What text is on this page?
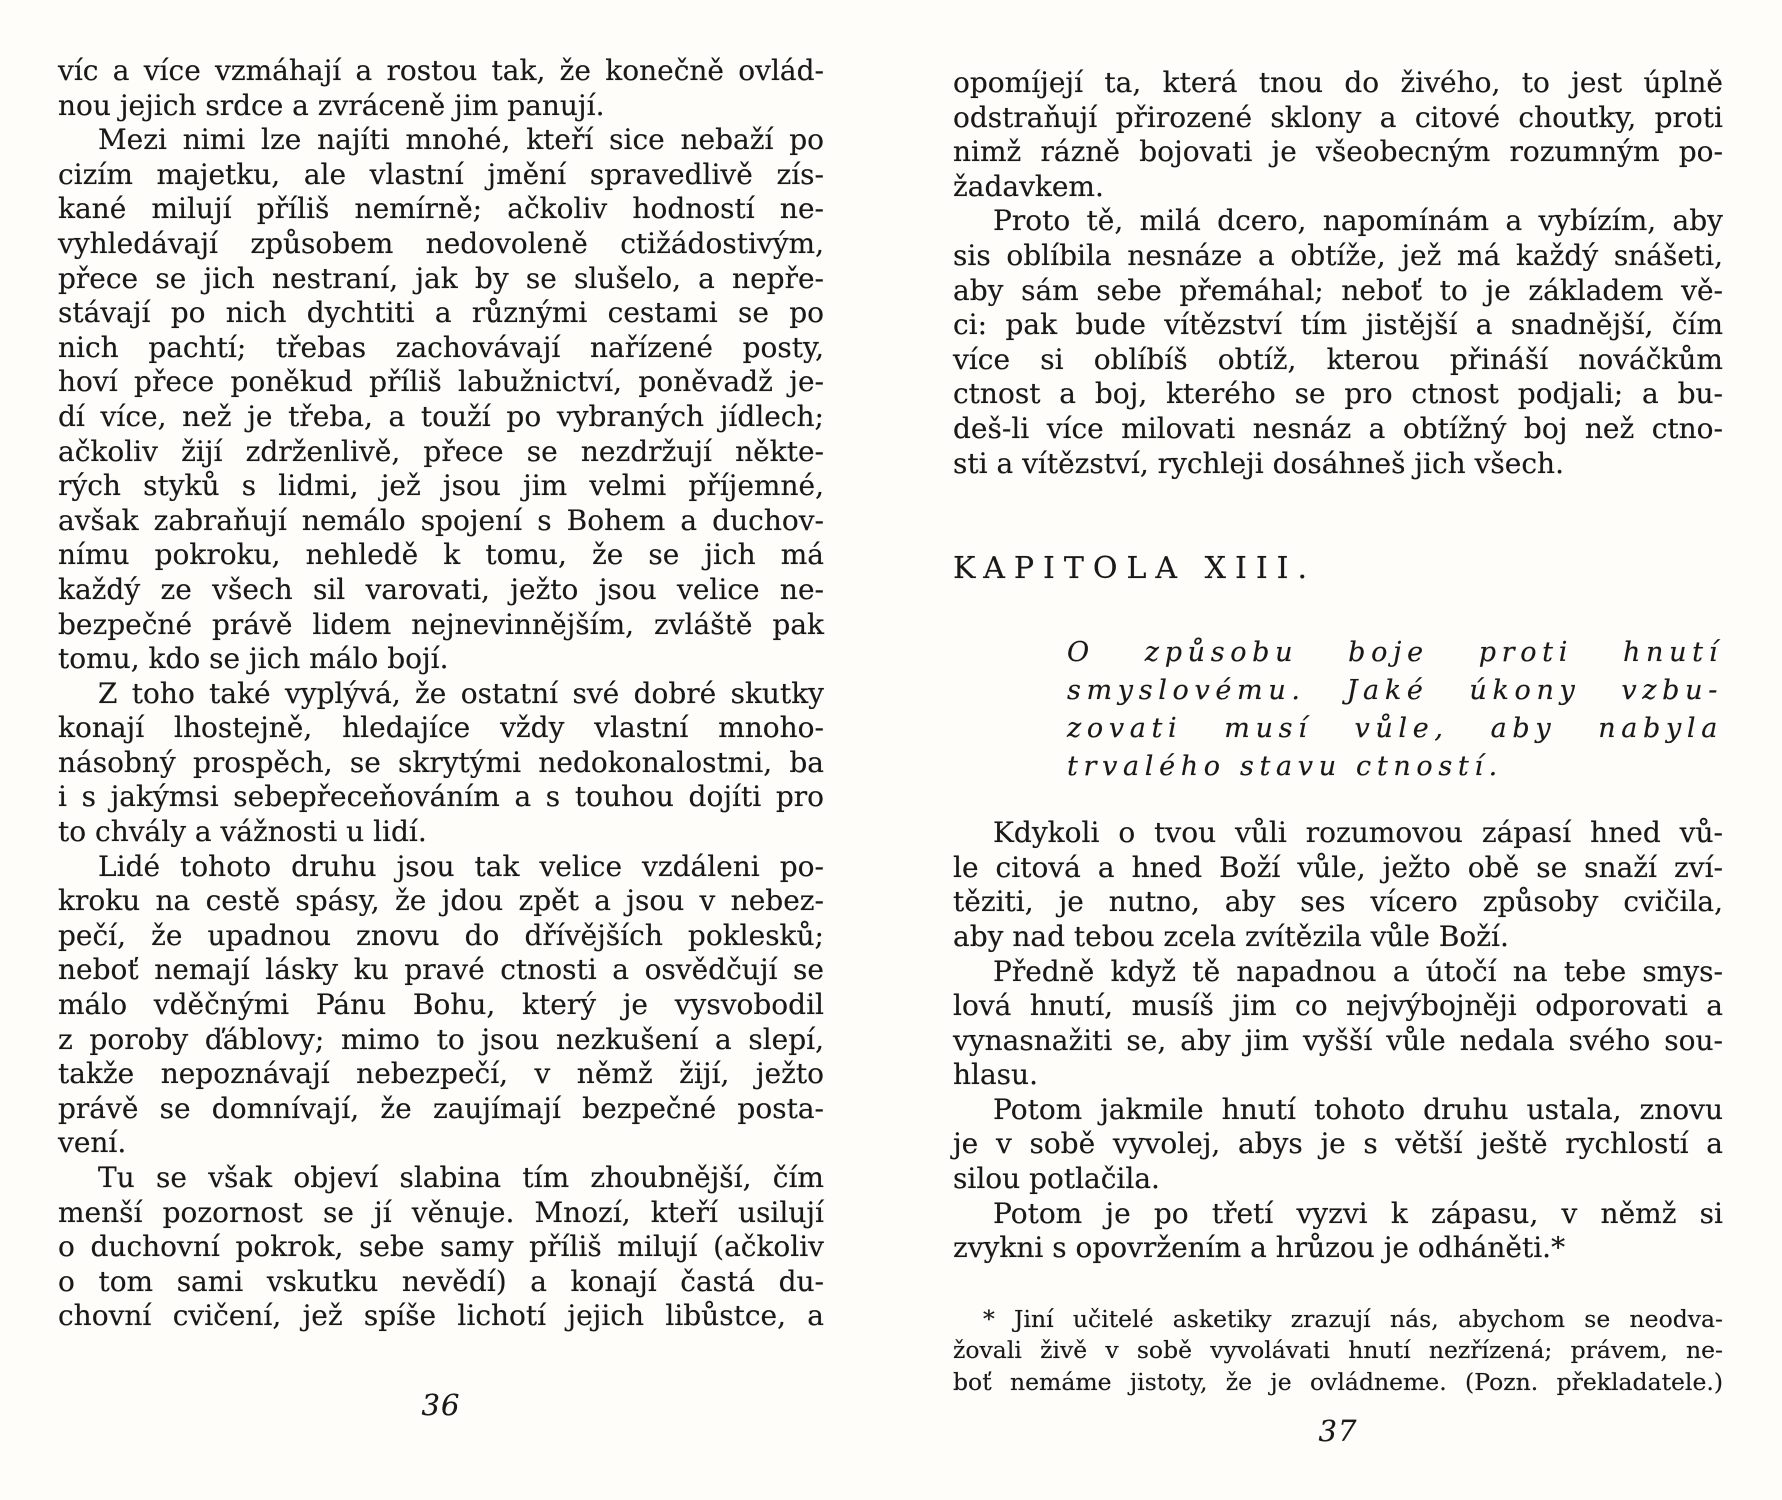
víc a více vzmáhají a rostou tak, že konečně ovlád-
nou jejich srdce a zvráceně jim panují.
Mezi nimi lze najíti mnohé, kteří sice nebaží po
cizím majetku, ale vlastní jmění spravedlivě zís-
kané milují příliš nemírně; ačkoliv hodností ne-
vyhledávají způsobem nedovoleně ctižádostivým,
přece se jich nestraní, jak by se slušelo, a nepře-
stávají po nich dychtiti a různými cestami se po
nich pachtí; třebas zachovávají nařízené posty,
hoví přece poněkud příliš labužnictví, poněvadž je-
dí více, než je třeba, a touží po vybraných jídlech;
ačkoliv žijí zdrženlivě, přece se nezdržují někte-
rých styků s lidmi, jež jsou jim velmi příjemné,
avšak zabraňují nemálo spojení s Bohem a duchov-
nímu pokroku, nehledě k tomu, že se jich má
každý ze všech sil varovati, ježto jsou velice ne-
bezpečné právě lidem nejnevinnějším, zvláště pak
tomu, kdo se jich málo bojí.
Z toho také vyplývá, že ostatní své dobré skutky
konají lhostejně, hledajíce vždy vlastní mnoho-
násobný prospěch, se skrytými nedokonalostmi, ba
i s jakýmsi sebepřeceňováním a s touhou dojíti pro
to chvály a vážnosti u lidí.
Lidé tohoto druhu jsou tak velice vzdáleni po-
kroku na cestě spásy, že jdou zpět a jsou v nebez-
pečí, že upadnou znovu do dřívějších poklesků;
neboť nemají lásky ku pravé ctnosti a osvědčují se
málo vděčnými Pánu Bohu, který je vysvobodil
z poroby ďáblovy; mimo to jsou nezkušení a slepí,
takže nepoznávají nebezpečí, v němž žijí, ježto
právě se domnívají, že zaujímají bezpečné posta-
vení.
Tu se však objeví slabina tím zhoubnější, čím
menší pozornost se jí věnuje. Mnozí, kteří usilují
o duchovní pokrok, sebe samy příliš milují (ačkoliv
o tom sami vskutku nevědí) a konají častá du-
chovní cvičení, jež spíše lichotí jejich libůstce, a
36
opomíjejí ta, která tnou do živého, to jest úplně
odstraňují přirozené sklony a citové choutky, proti
nimž rázně bojovati je všeobecným rozumným po-
žadavkem.
Proto tě, milá dcero, napomínám a vybízím, aby
sis oblíbila nesnáze a obtíže, jež má každý snášeti,
aby sám sebe přemáhal; neboť to je základem vě-
ci: pak bude vítězství tím jistější a snadnější, čím
více si oblíbíš obtíž, kterou přináší nováčkům
ctnost a boj, kterého se pro ctnost podjali; a bu-
deš-li více milovati nesnáz a obtížný boj než ctno-
sti a vítězství, rychleji dosáhneš jich všech.
KAPITOLA XIII.
O způsobu boje proti hnutí
smyslovému. Jaké úkony vzbu-
zovati musí vůle, aby nabyla
trvalého stavu ctností.
Kdykoli o tvou vůli rozumovou zápasí hned vů-
le citová a hned Boží vůle, ježto obě se snaží zví-
těziti, je nutno, aby ses vícero způsoby cvičila,
aby nad tebou zcela zvítězila vůle Boží.
Předně když tě napadnou a útočí na tebe smys-
lová hnutí, musíš jim co nejvýbojněji odporovati a
vynasnažiti se, aby jim vyšší vůle nedala svého sou-
hlasu.
Potom jakmile hnutí tohoto druhu ustala, znovu
je v sobě vyvolej, abys je s větší ještě rychlostí a
silou potlačila.
Potom je po třetí vyzvi k zápasu, v němž si
zvykni s opovržením a hrůzou je odháněti.*
* Jiní učitelé asketiky zrazují nás, abychom se neodva-
žovali živě v sobě vyvolávati hnutí nezřízená; právem, ne-
boť nemáme jistoty, že je ovládneme. (Pozn. překladatele.)
37
